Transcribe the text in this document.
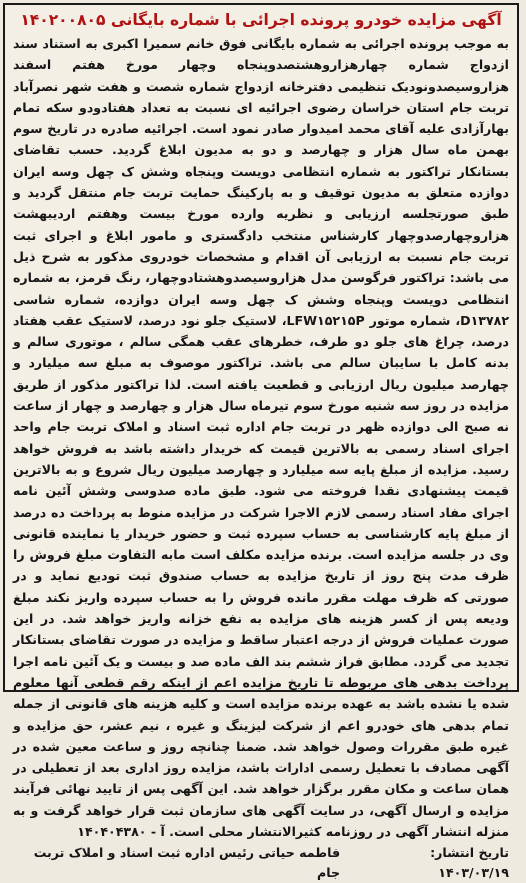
آگهی مزایده خودرو پرونده اجرائی با شماره بایگانی ۱۴۰۲۰۰۸۰۵

به موجب پرونده اجرائی به شماره بایگانی فوق خانم سمیرا اکبری به استناد سند ازدواج شماره چهارهزاروهشتصدوپنجاه وچهار مورخ هفتم اسفند هزاروسیصدونودیک تنظیمی دفترخانه ازدواج شماره شصت و هفت شهر نصرآباد تربت جام استان خراسان رضوی اجرائیه ای نسبت به تعداد هفتادودو سکه تمام بهارآزادی علیه آقای محمد امیدوار صادر نمود است. اجرائیه صادره در تاریخ سوم بهمن ماه سال هزار و چهارصد و دو به مدیون ابلاغ گردید. حسب تقاضای بستانکار تراکتور به شماره انتظامی دویست وپنجاه وشش ک چهل وسه ایران دوازده متعلق به مدیون توقیف و به پارکینگ حمایت تربت جام منتقل گردید و طبق صورتجلسه ارزیابی و نظریه وارده مورخ بیست وهفتم اردیبهشت هزاروچهارصدوچهار کارشناس منتخب دادگستری و مامور ابلاغ و اجرای ثبت تربت جام نسبت به ارزیابی آن اقدام و مشخصات خودروی مذکور به شرح ذیل می باشد: تراکتور فرگوسن مدل هزاروسیصدوهشتادوچهار، رنگ قرمز، به شماره انتظامی دویست وپنجاه وشش ک چهل وسه ایران دوازده، شماره شاسی D۱۳۷۸۲، شماره موتور LFW۱۵۲۱۵P، لاستیک جلو نود درصد، لاستیک عقب هفتاد درصد، چراغ های جلو دو طرف، خطرهای عقب همگی سالم ، موتوری سالم و بدنه کامل با سایبان سالم می باشد. تراکتور موصوف به مبلغ سه میلیارد و چهارصد میلیون ریال ارزیابی و قطعیت یافته است. لذا تراکتور مذکور از طریق مزایده در روز سه شنبه مورخ سوم تیرماه سال هزار و چهارصد و چهار از ساعت نه صبح الی دوازده ظهر در تربت جام اداره ثبت اسناد و املاک تربت جام واحد اجرای اسناد رسمی به بالاترین قیمت که خریدار داشته باشد به فروش خواهد رسید. مزایده از مبلغ پایه سه میلیارد و چهارصد میلیون ریال شروع و به بالاترین قیمت پیشنهادی نقدا فروخته می شود. طبق ماده صدوسی وشش آئین نامه اجرای مفاد اسناد رسمی لازم الاجرا شرکت در مزایده منوط به پرداخت ده درصد از مبلغ پایه کارشناسی به حساب سپرده ثبت و حضور خریدار یا نماینده قانونی وی در جلسه مزایده است. برنده مزایده مکلف است مابه التفاوت مبلغ فروش را ظرف مدت پنج روز از تاریخ مزایده به حساب صندوق ثبت تودیع نماید و در صورتی که ظرف مهلت مقرر مانده فروش را به حساب سپرده واریز نکند مبلغ ودیعه پس از کسر هزینه های مزایده به نفع خزانه واریز خواهد شد. در این صورت عملیات فروش از درجه اعتبار ساقط و مزایده در صورت تقاضای بستانکار تجدید می گردد. مطابق فراز ششم بند الف ماده صد و بیست و یک آئین نامه اجرا پرداخت بدهی های مربوطه تا تاریخ مزایده اعم از اینکه رقم قطعی آنها معلوم شده یا نشده باشد به عهده برنده مزایده است و کلیه هزینه های قانونی از جمله تمام بدهی های خودرو اعم از شرکت لیزینگ و غیره ، نیم عشر، حق مزایده و غیره طبق مقررات وصول خواهد شد. ضمنا چنانچه روز و ساعت معین شده در آگهی مصادف با تعطیل رسمی ادارات باشد، مزایده روز اداری بعد از تعطیلی در همان ساعت و مکان مقرر برگزار خواهد شد. این آگهی پس از تایید نهائی فرآیند مزایده و ارسال آگهی، در سایت آگهی های سازمان ثبت قرار خواهد گرفت و به منزله انتشار آگهی در روزنامه کثیرالانتشار محلی است. آ - ۱۴۰۴۰۴۳۸۰

تاریخ انتشار: ۱۴۰۳/۰۳/۱۹
فاطمه حیاتی رئیس اداره ثبت اسناد و املاک تربت جام
